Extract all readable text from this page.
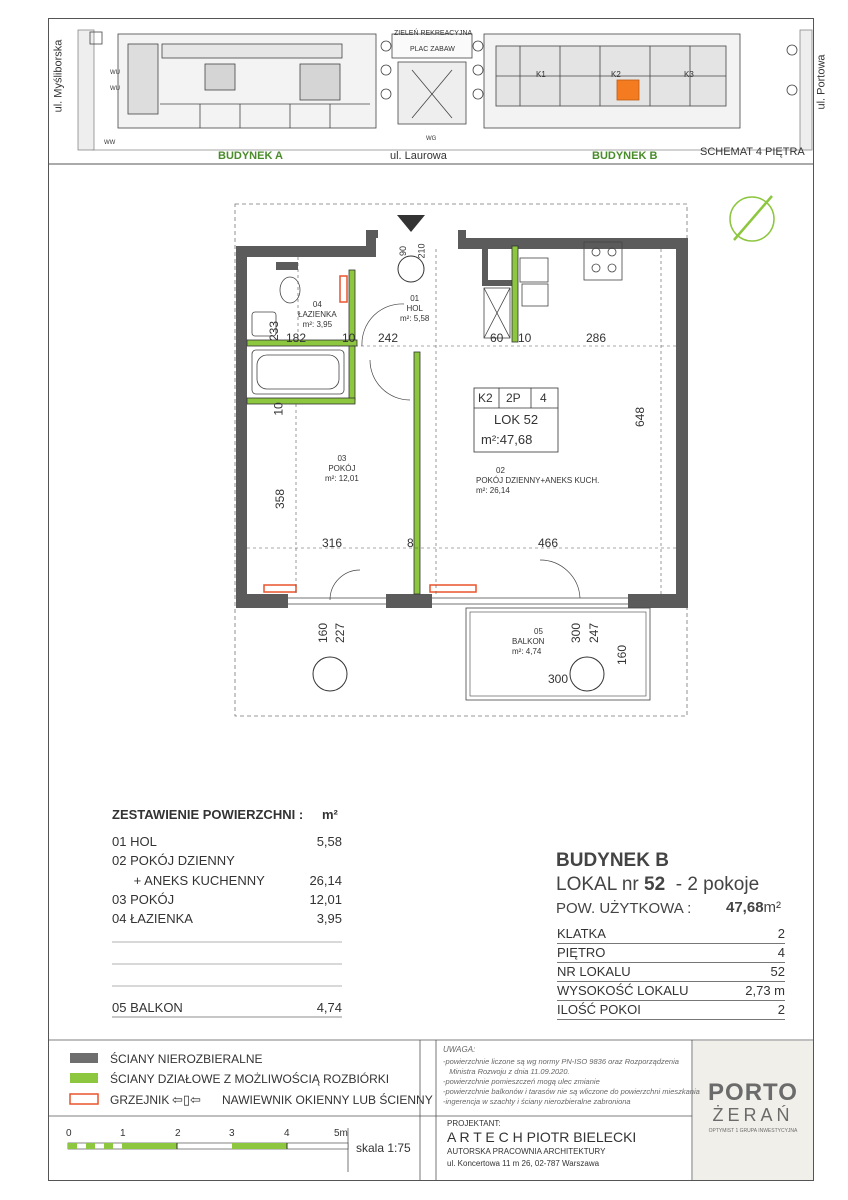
ul. Myśliborska	ul. Portowa
BUDYNEK A	ul. Laurowa	BUDYNEK B	SCHEMAT 4 PIĘTRA
ZIELEŃ REKREACYJNA
PLAC ZABAW
K1	K2	K3
WU
WU
WG
WW
K2 2P 4
LOK 52
m²:47,68
01
HOL
m²: 5,58
02
POKÓJ DZIENNY+ANEKS KUCH.
m²: 26,14
03
POKÓJ
m²: 12,01
04
ŁAZIENKA
m²: 3,95
05
BALKON
m²: 4,74
182	10 242	60 10	286
233
10
358
648
316	8	466
160 227	300 247
160
300
90 210
ZESTAWIENIE POWIERZCHNI : m²
01 HOL	5,58
02 POKÓJ DZIENNY
+ ANEKS KUCHENNY	26,14
03 POKÓJ	12,01
04 ŁAZIENKA	3,95
05 BALKON	4,74
BUDYNEK B
LOKAL nr 52 - 2 pokoje
POW. UŻYTKOWA : 47,68m²
KLATKA	2
PIĘTRO	4
NR LOKALU	52
WYSOKOŚĆ LOKALU	2,73 m
ILOŚĆ POKOI	2
ŚCIANY NIEROZBIERALNE
ŚCIANY DZIAŁOWE Z MOŻLIWOŚCIĄ ROZBIÓRKI
GRZEJNIK ⇦▯⇦ NAWIEWNIK OKIENNY LUB ŚCIENNY
0	1	2	3	4	5m
skala 1:75
UWAGA:
-powierzchnie liczone są wg normy PN-ISO 9836 oraz Rozporządzenia
Ministra Rozwoju z dnia 11.09.2020.
-powierzchnie pomieszczeń mogą ulec zmianie
-powierzchnie balkonów i tarasów nie są wliczone do powierzchni mieszkania
-ingerencja w szachty i ściany nierozbieralne zabroniona
PROJEKTANT:
A R T E C H PIOTR BIELECKI
AUTORSKA PRACOWNIA ARCHITEKTURY
ul. Koncertowa 11 m 26, 02-787 Warszawa
PORTO
ŻERAŃ
OPTYMIST 1 GRUPA INWESTYCYJNA
